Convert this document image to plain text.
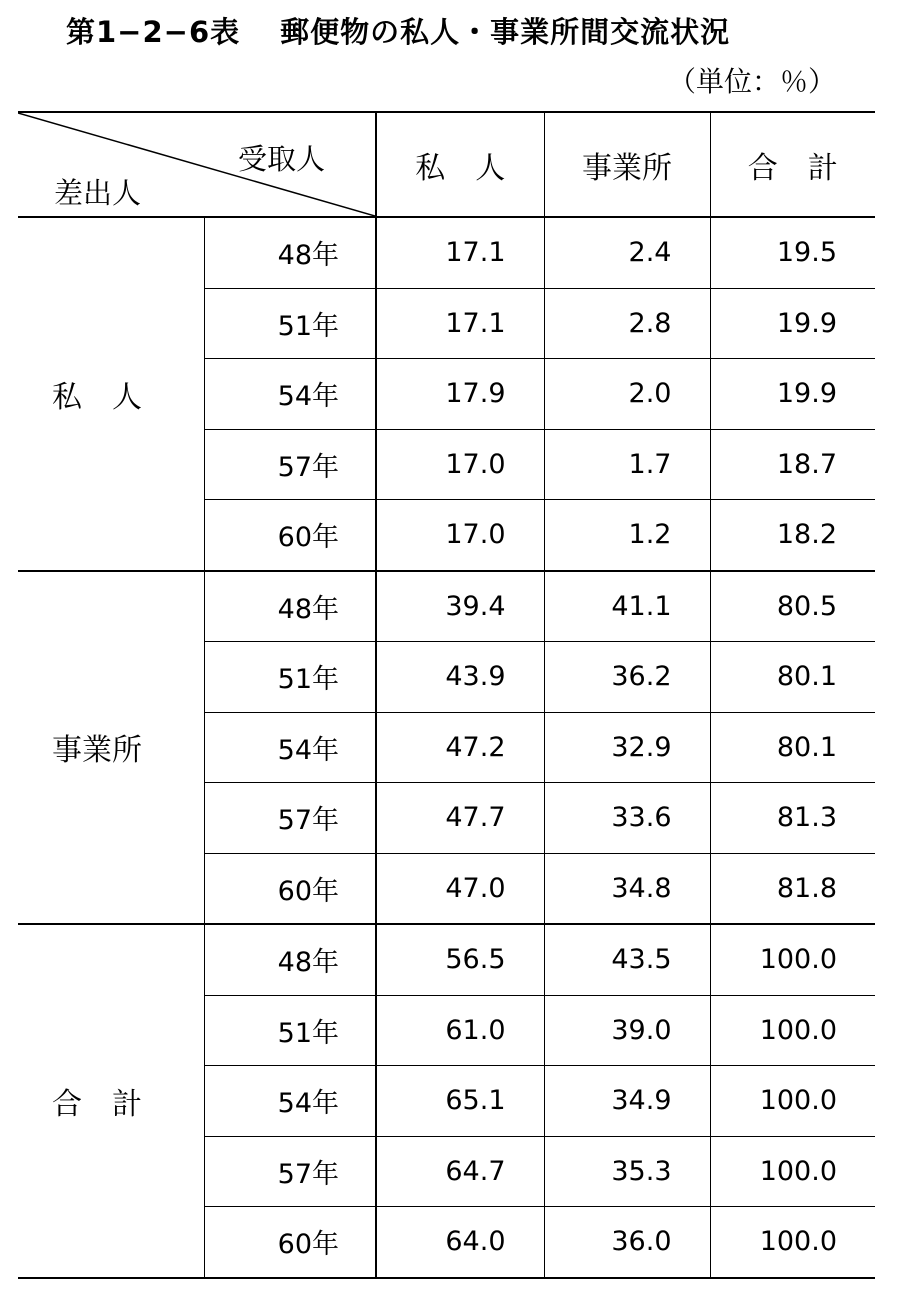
第1−2−6表 郵便物の私人・事業所間交流状況
（単位：％）
受取人
差出人		私　人	事業所	合　計
私　人	48年	17.1	2.4	19.5
	51年	17.1	2.8	19.9
	54年	17.9	2.0	19.9
	57年	17.0	1.7	18.7
	60年	17.0	1.2	18.2
事業所	48年	39.4	41.1	80.5
	51年	43.9	36.2	80.1
	54年	47.2	32.9	80.1
	57年	47.7	33.6	81.3
	60年	47.0	34.8	81.8
合　計	48年	56.5	43.5	100.0
	51年	61.0	39.0	100.0
	54年	65.1	34.9	100.0
	57年	64.7	35.3	100.0
	60年	64.0	36.0	100.0
